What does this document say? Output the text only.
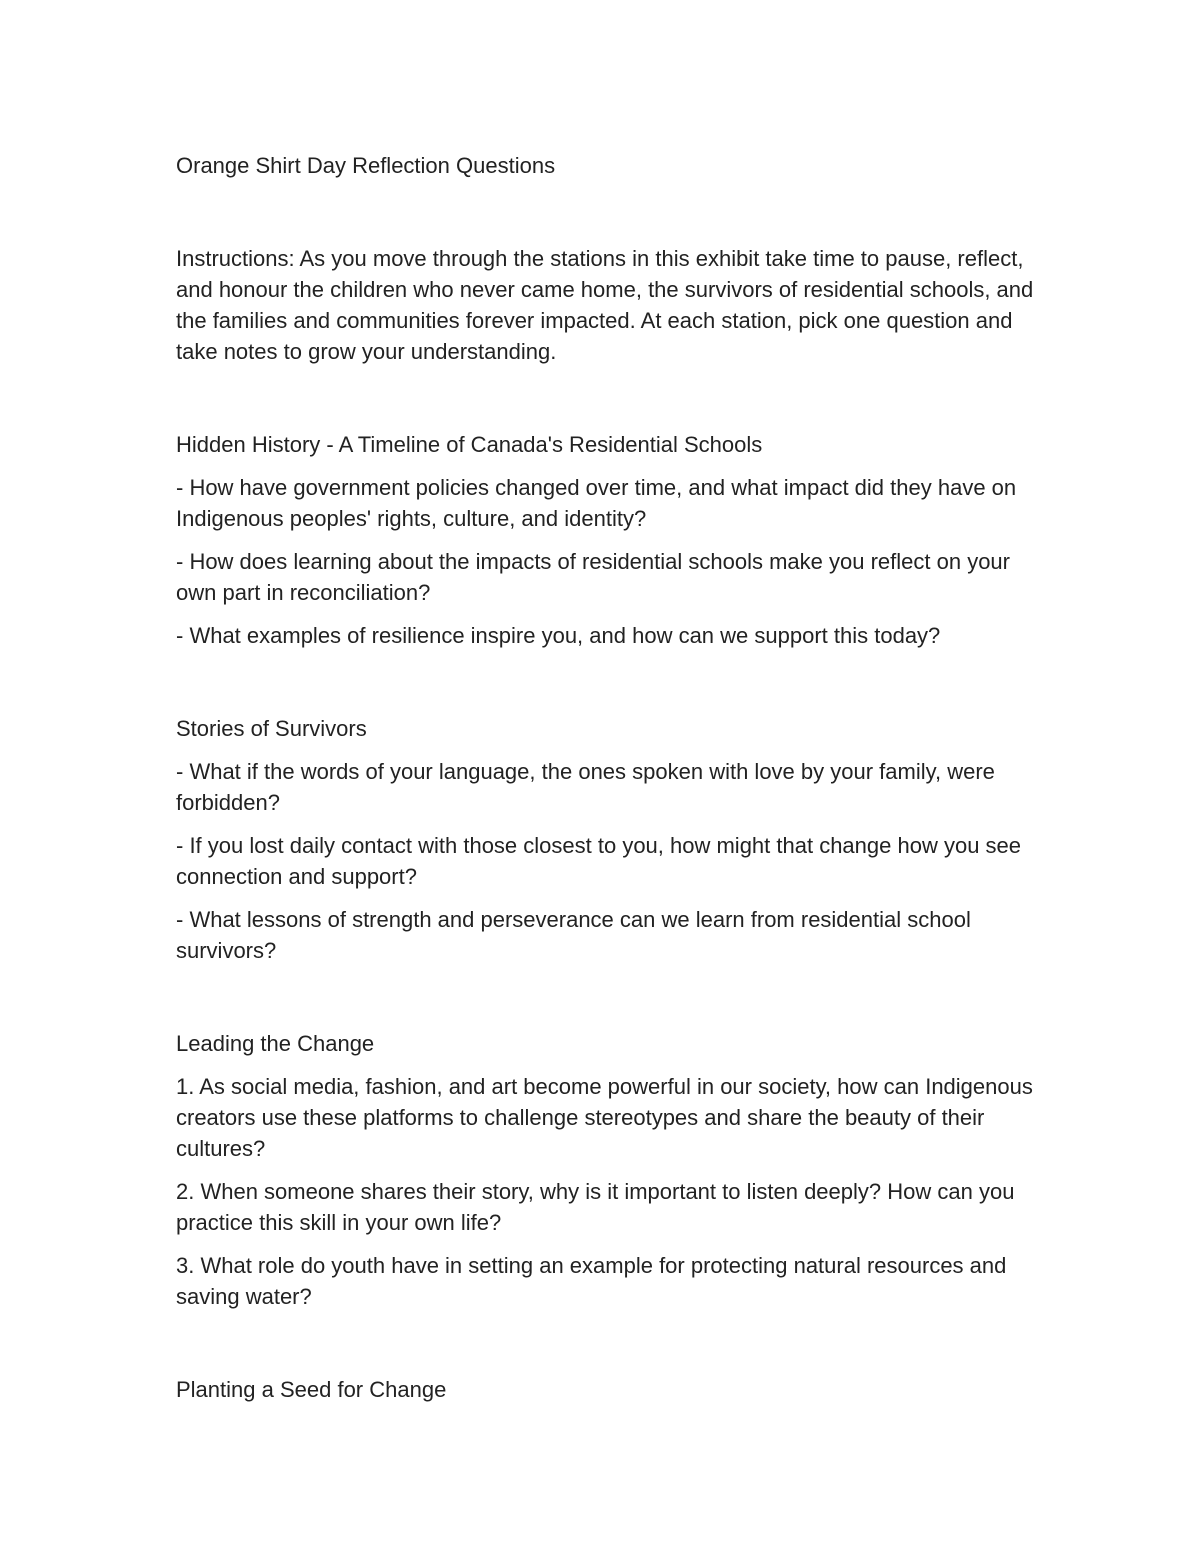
Orange Shirt Day Reflection Questions

Instructions: As you move through the stations in this exhibit take time to pause, reflect, and honour the children who never came home, the survivors of residential schools, and the families and communities forever impacted. At each station, pick one question and take notes to grow your understanding.

Hidden History - A Timeline of Canada's Residential Schools

- How have government policies changed over time, and what impact did they have on Indigenous peoples' rights, culture, and identity?

- How does learning about the impacts of residential schools make you reflect on your own part in reconciliation?

- What examples of resilience inspire you, and how can we support this today?

Stories of Survivors

- What if the words of your language, the ones spoken with love by your family, were forbidden?

- If you lost daily contact with those closest to you, how might that change how you see connection and support?

- What lessons of strength and perseverance can we learn from residential school survivors?

Leading the Change

1. As social media, fashion, and art become powerful in our society, how can Indigenous creators use these platforms to challenge stereotypes and share the beauty of their cultures?

2. When someone shares their story, why is it important to listen deeply? How can you practice this skill in your own life?

3. What role do youth have in setting an example for protecting natural resources and saving water?

Planting a Seed for Change
